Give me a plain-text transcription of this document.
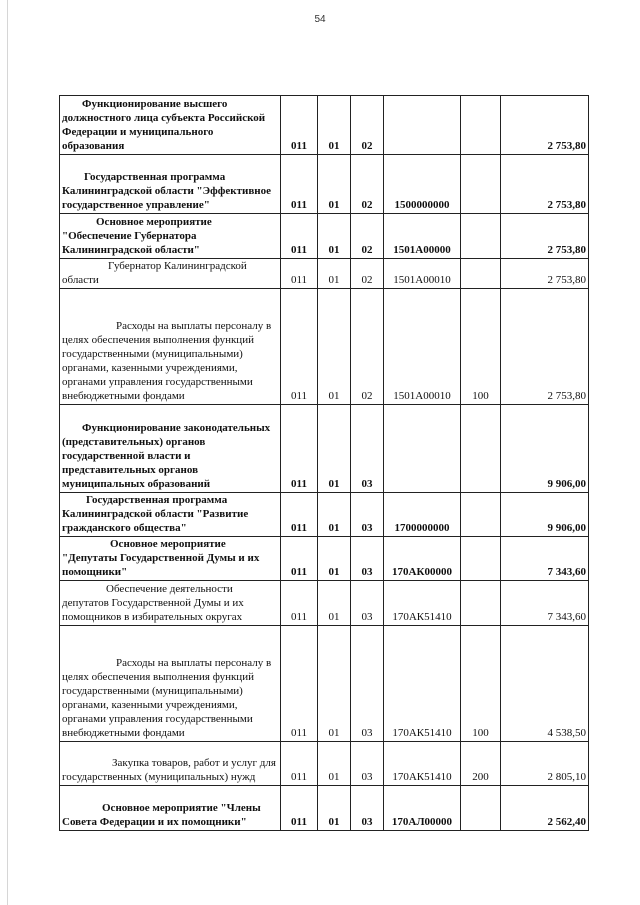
54
Функционирование высшего должностного лица субъекта Российской Федерации и муниципального образования	011	01	02			2 753,80
Государственная программа Калининградской области "Эффективное государственное управление"	011	01	02	1500000000		2 753,80
Основное мероприятие "Обеспечение Губернатора Калининградской области"	011	01	02	1501А00000		2 753,80
Губернатор Калининградской области	011	01	02	1501А00010		2 753,80
Расходы на выплаты персоналу в целях обеспечения выполнения функций государственными (муниципальными) органами, казенными учреждениями, органами управления государственными внебюджетными фондами	011	01	02	1501А00010	100	2 753,80
Функционирование законодательных (представительных) органов государственной власти и представительных органов муниципальных образований	011	01	03			9 906,00
Государственная программа Калининградской области "Развитие гражданского общества"	011	01	03	1700000000		9 906,00
Основное мероприятие "Депутаты Государственной Думы и их помощники"	011	01	03	170АК00000		7 343,60
Обеспечение деятельности депутатов Государственной Думы и их помощников в избирательных округах	011	01	03	170АК51410		7 343,60
Расходы на выплаты персоналу в целях обеспечения выполнения функций государственными (муниципальными) органами, казенными учреждениями, органами управления государственными внебюджетными фондами	011	01	03	170АК51410	100	4 538,50
Закупка товаров, работ и услуг для государственных (муниципальных) нужд	011	01	03	170АК51410	200	2 805,10
Основное мероприятие "Члены Совета Федерации и их помощники"	011	01	03	170АЛ00000		2 562,40
